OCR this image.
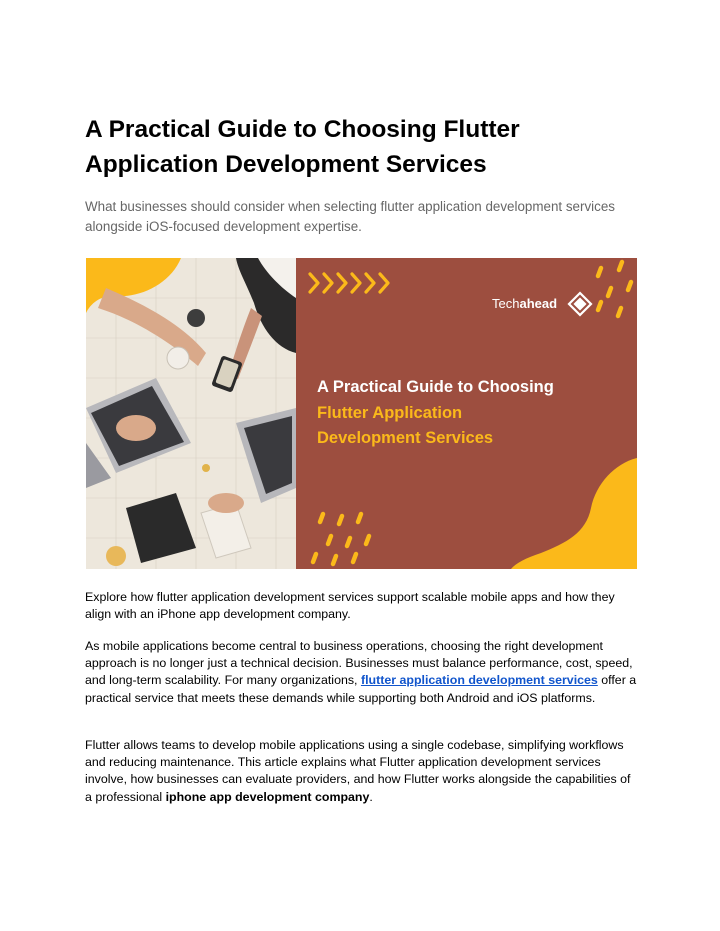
A Practical Guide to Choosing Flutter Application Development Services

What businesses should consider when selecting flutter application development services alongside iOS-focused development expertise.

Techahead
A Practical Guide to Choosing
Flutter Application
Development Services

Explore how flutter application development services support scalable mobile apps and how they align with an iPhone app development company.

As mobile applications become central to business operations, choosing the right development approach is no longer just a technical decision. Businesses must balance performance, cost, speed, and long-term scalability. For many organizations, flutter application development services offer a practical service that meets these demands while supporting both Android and iOS platforms.

Flutter allows teams to develop mobile applications using a single codebase, simplifying workflows and reducing maintenance. This article explains what Flutter application development services involve, how businesses can evaluate providers, and how Flutter works alongside the capabilities of a professional iphone app development company.
